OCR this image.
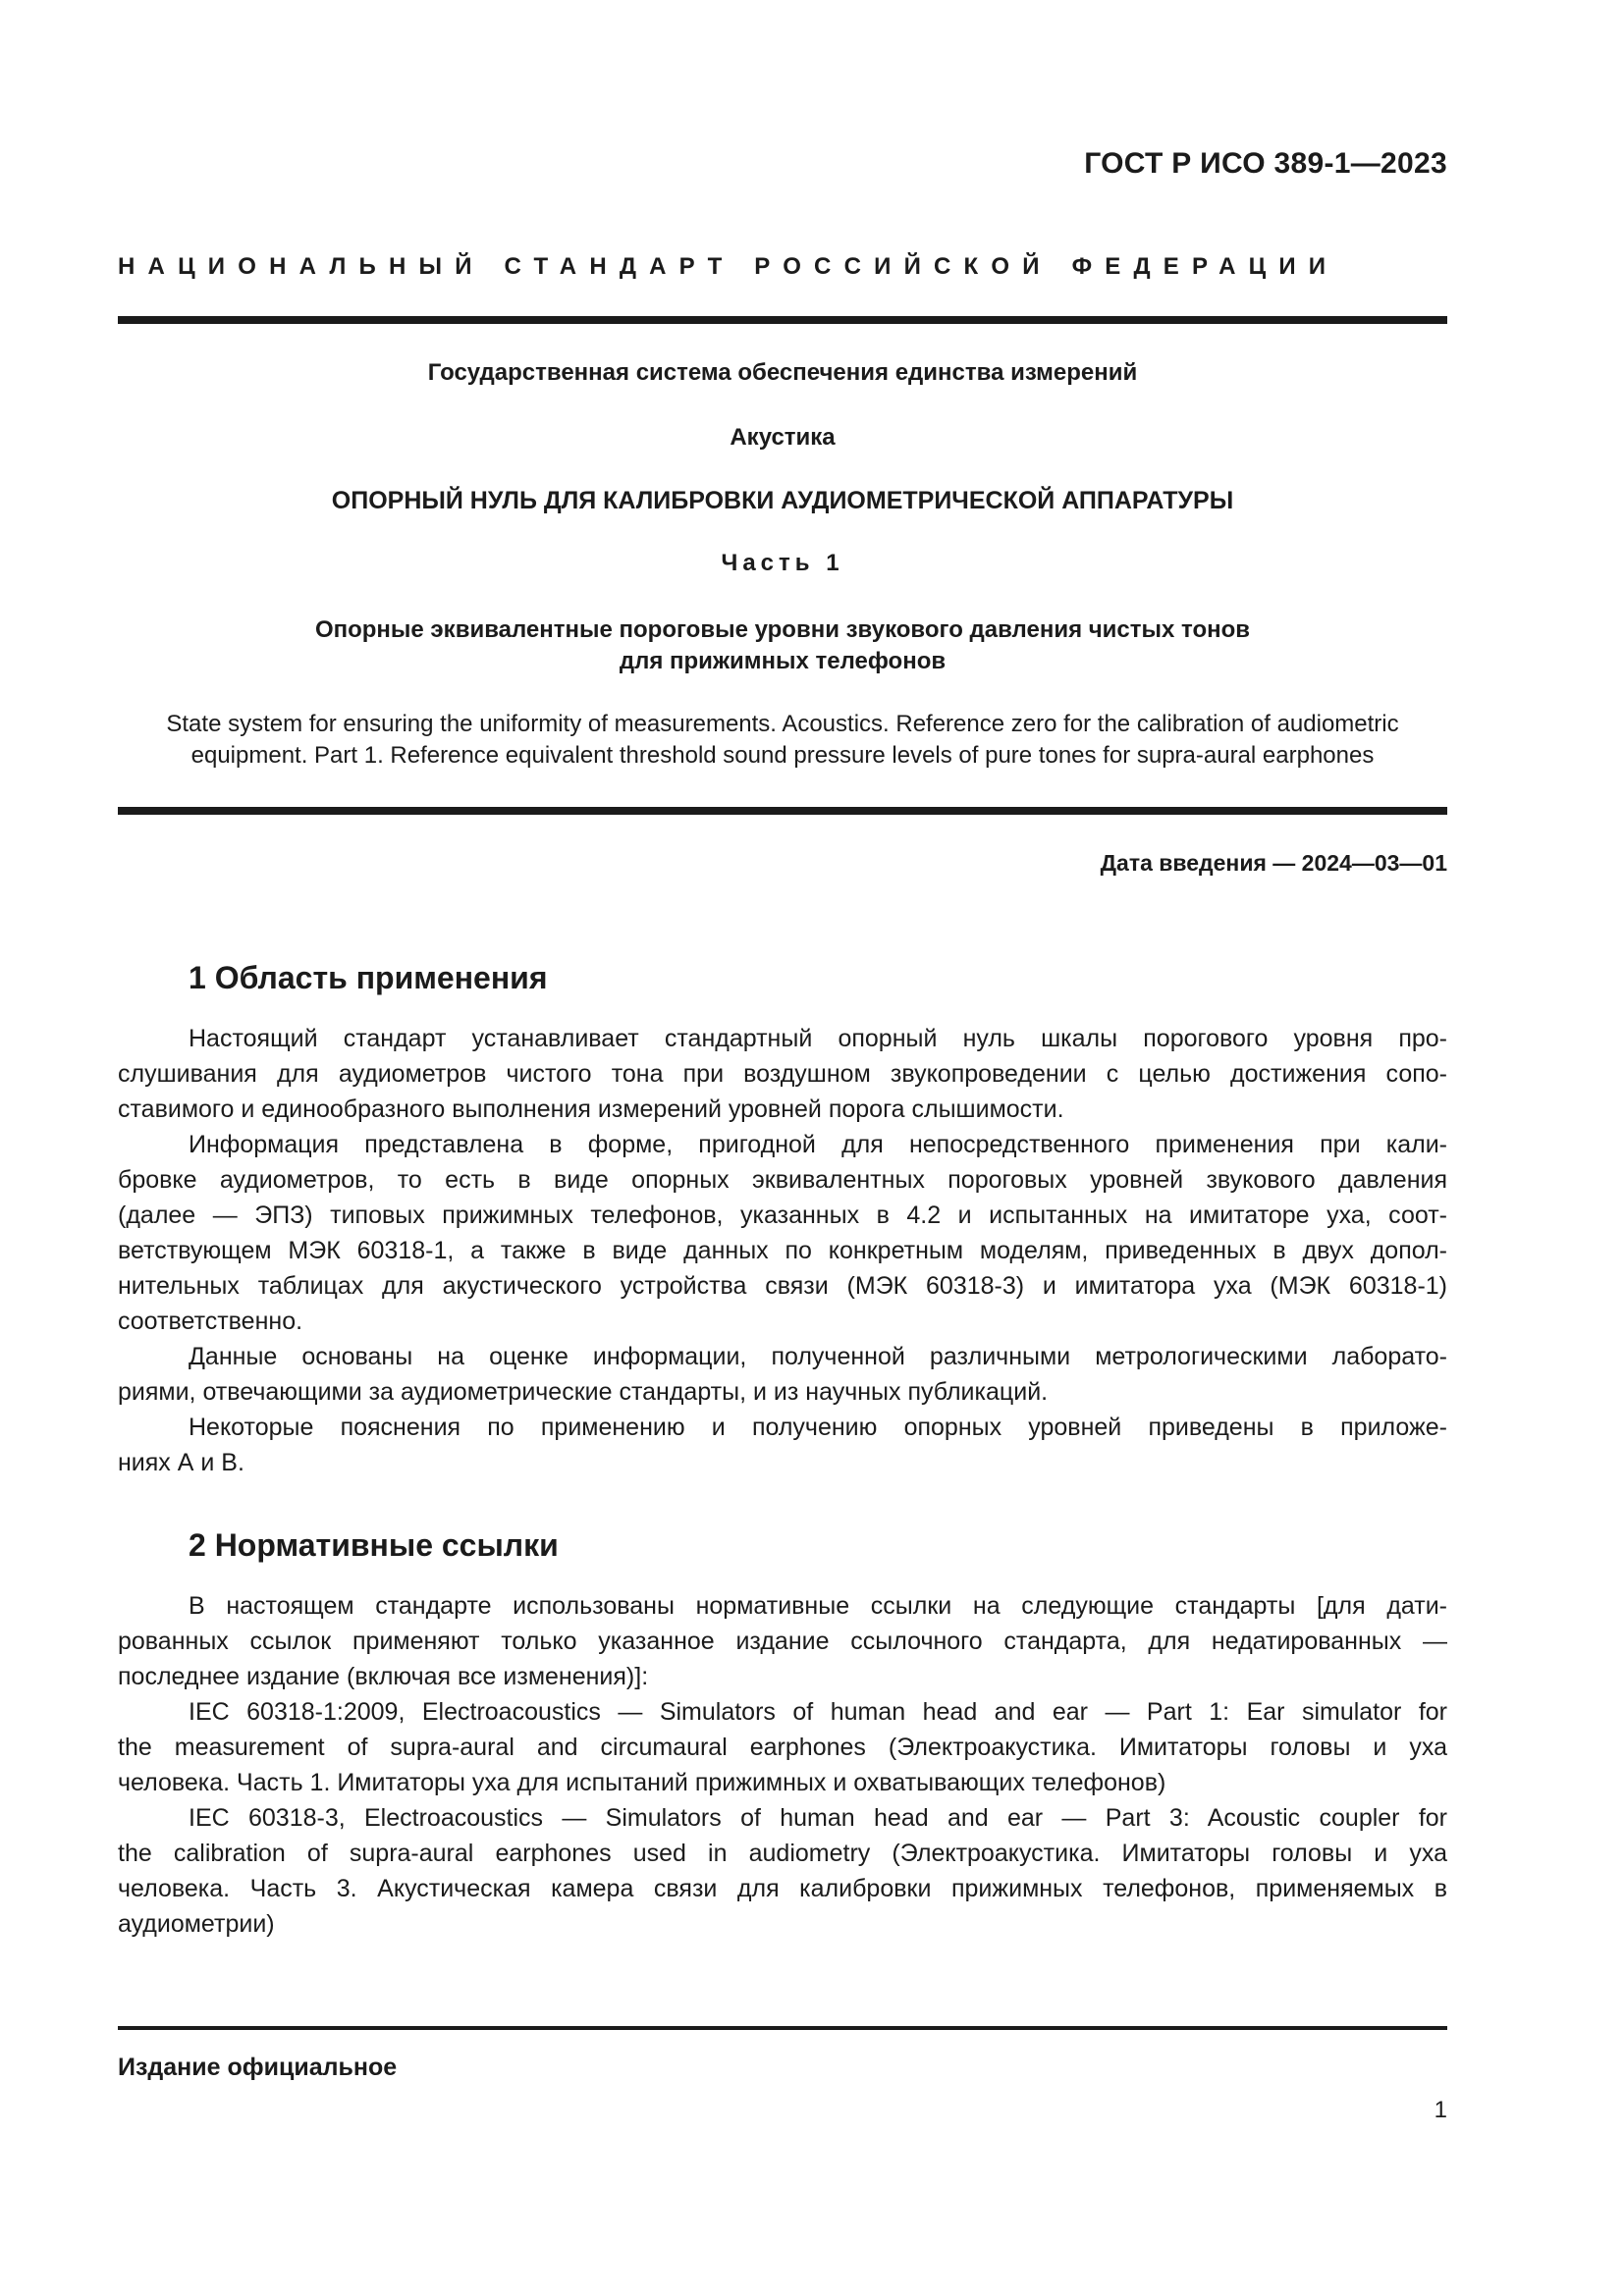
ГОСТ Р ИСО 389-1—2023
НАЦИОНАЛЬНЫЙ СТАНДАРТ РОССИЙСКОЙ ФЕДЕРАЦИИ
Государственная система обеспечения единства измерений
Акустика
ОПОРНЫЙ НУЛЬ ДЛЯ КАЛИБРОВКИ АУДИОМЕТРИЧЕСКОЙ АППАРАТУРЫ
Часть 1
Опорные эквивалентные пороговые уровни звукового давления чистых тонов
для прижимных телефонов
State system for ensuring the uniformity of measurements. Acoustics. Reference zero for the calibration of audiometric
equipment. Part 1. Reference equivalent threshold sound pressure levels of pure tones for supra-aural earphones
Дата введения — 2024—03—01
1 Область применения

Настоящий стандарт устанавливает стандартный опорный нуль шкалы порогового уровня про-

слушивания для аудиометров чистого тона при воздушном звукопроведении с целью достижения сопо-

ставимого и единообразного выполнения измерений уровней порога слышимости.

Информация представлена в форме, пригодной для непосредственного применения при кали-

бровке аудиометров, то есть в виде опорных эквивалентных пороговых уровней звукового давления

(далее — ЭПЗ) типовых прижимных телефонов, указанных в 4.2 и испытанных на имитаторе уха, соот-

ветствующем МЭК 60318-1, а также в виде данных по конкретным моделям, приведенных в двух допол-

нительных таблицах для акустического устройства связи (МЭК 60318-3) и имитатора уха (МЭК 60318-1)

соответственно.

Данные основаны на оценке информации, полученной различными метрологическими лаборато-

риями, отвечающими за аудиометрические стандарты, и из научных публикаций.

Некоторые пояснения по применению и получению опорных уровней приведены в приложе-

ниях А и В.

2 Нормативные ссылки

В настоящем стандарте использованы нормативные ссылки на следующие стандарты [для дати-

рованных ссылок применяют только указанное издание ссылочного стандарта, для недатированных —

последнее издание (включая все изменения)]:

IEC 60318-1:2009, Electroacoustics — Simulators of human head and ear — Part 1: Ear simulator for

the measurement of supra-aural and circumaural earphones (Электроакустика. Имитаторы головы и уха

человека. Часть 1. Имитаторы уха для испытаний прижимных и охватывающих телефонов)

IEC 60318-3, Electroacoustics — Simulators of human head and ear — Part 3: Acoustic coupler for

the calibration of supra-aural earphones used in audiometry (Электроакустика. Имитаторы головы и уха

человека. Часть 3. Акустическая камера связи для калибровки прижимных телефонов, применяемых в

аудиометрии)

Издание официальное
1
